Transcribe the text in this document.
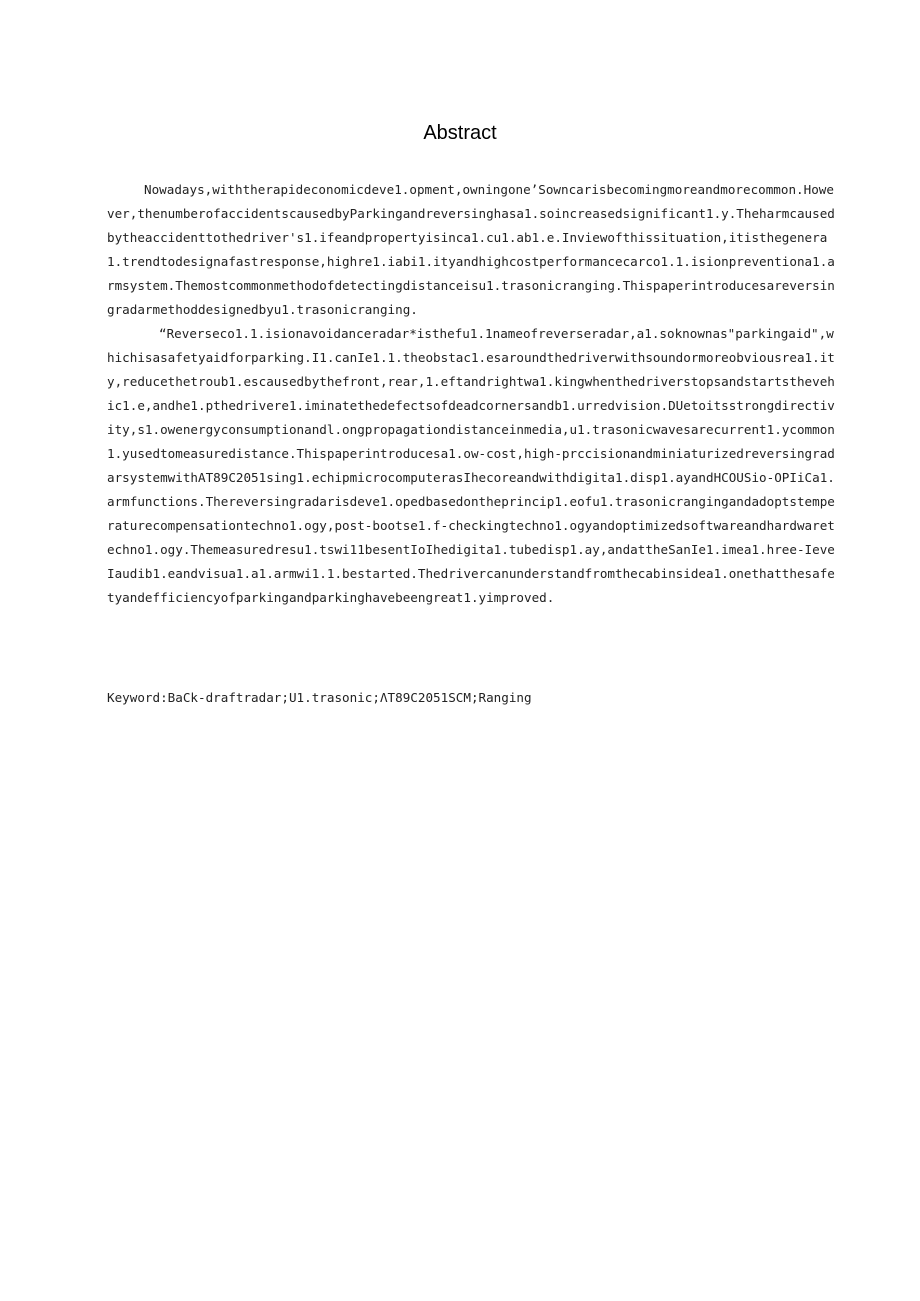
Abstract

Nowadays,withtherapideconomicdeve1.opment,owningone’Sowncarisbecomingmoreandmorecommon.However,thenumberofaccidentscausedbyParkingandreversinghasa1.soincreasedsignificant1.y.Theharmcausedbytheaccidenttothedriver's1.ifeandpropertyisinca1.cu1.ab1.e.Inviewofthissituation,itisthegenera1.trendtodesignafastresponse,highre1.iabi1.ityandhighcostperformancecarco1.1.isionpreventiona1.armsystem.Themostcommonmethodofdetectingdistanceisu1.trasonicranging.Thispaperintroducesareversingradarmethoddesignedbyu1.trasonicranging.

“Reverseco1.1.isionavoidanceradar*isthefu1.1nameofreverseradar,a1.soknownas"parkingaid",whichisasafetyaidforparking.I1.canIe1.1.theobstac1.esaroundthedriverwithsoundormoreobviousrea1.ity,reducethetroub1.escausedbythefront,rear,1.eftandrightwa1.kingwhenthedriverstopsandstartsthevehic1.e,andhe1.pthedrivere1.iminatethedefectsofdeadcornersandb1.urredvision.DUetoitsstrongdirectivity,s1.owenergyconsumptionandl.ongpropagationdistanceinmedia,u1.trasonicwavesarecurrent1.ycommon1.yusedtomeasuredistance.Thispaperintroducesa1.ow-cost,high-prccisionandminiaturizedreversingradarsystemwithAT89C2051sing1.echipmicrocomputerasIhecoreandwithdigita1.disp1.ayandHCOUSio-OPIiCa1.armfunctions.Thereversingradarisdeve1.opedbasedontheprincip1.eofu1.trasonicrangingandadoptstemperaturecompensationtechno1.ogy,post-bootse1.f-checkingtechno1.ogyandoptimizedsoftwareandhardwaretechno1.ogy.Themeasuredresu1.tswi11besentIoIhedigita1.tubedisp1.ay,andattheSanIe1.imea1.hree-IeveIaudib1.eandvisua1.a1.armwi1.1.bestarted.Thedrivercanunderstandfromthecabinsidea1.onethatthesafetyandefficiencyofparkingandparkinghavebeengreat1.yimproved.

Keyword:BaCk-draftradar;U1.trasonic;ΛT89C2051SCM;Ranging
